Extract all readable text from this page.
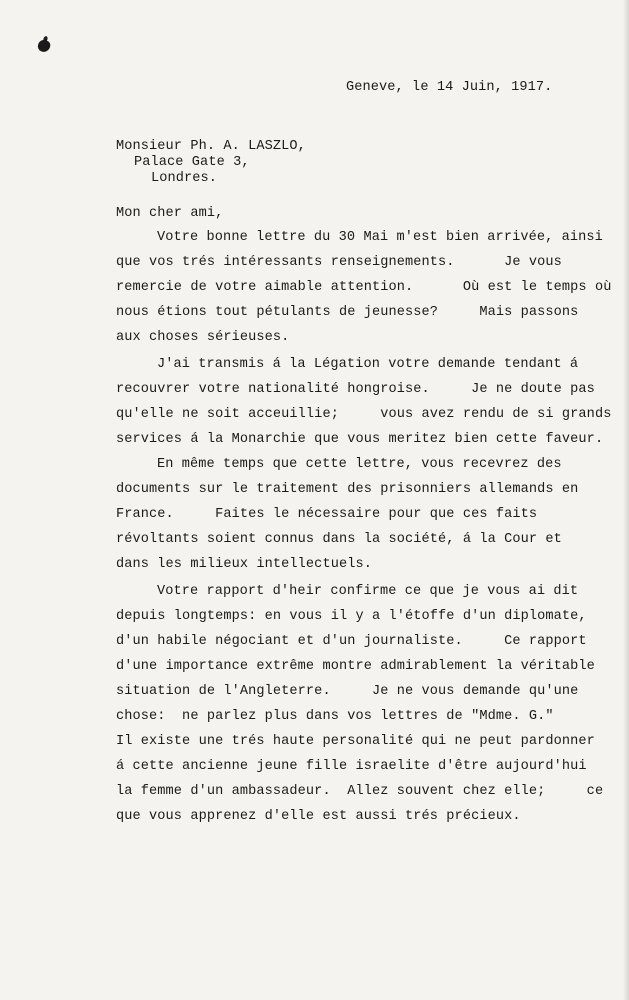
Geneve, le 14 Juin, 1917.
Monsieur Ph. A. LASZLO,
Palace Gate 3,
Londres.
Mon cher ami,
Votre bonne lettre du 30 Mai m'est bien arrivée, ainsi
que vos trés intéressants renseignements.      Je vous
remercie de votre aimable attention.      Où est le temps où
nous étions tout pétulants de jeunesse?     Mais passons
aux choses sérieuses.
J'ai transmis á la Légation votre demande tendant á
recouvrer votre nationalité hongroise.     Je ne doute pas
qu'elle ne soit acceuillie;     vous avez rendu de si grands
services á la Monarchie que vous meritez bien cette faveur.
En même temps que cette lettre, vous recevrez des
documents sur le traitement des prisonniers allemands en
France.     Faites le nécessaire pour que ces faits
révoltants soient connus dans la société, á la Cour et
dans les milieux intellectuels.
Votre rapport d'heir confirme ce que je vous ai dit
depuis longtemps: en vous il y a l'étoffe d'un diplomate,
d'un habile négociant et d'un journaliste.     Ce rapport
d'une importance extrême montre admirablement la véritable
situation de l'Angleterre.     Je ne vous demande qu'une
chose:  ne parlez plus dans vos lettres de "Mdme. G."
Il existe une trés haute personalité qui ne peut pardonner
á cette ancienne jeune fille israelite d'être aujourd'hui
la femme d'un ambassadeur.  Allez souvent chez elle;     ce
que vous apprenez d'elle est aussi trés précieux.
